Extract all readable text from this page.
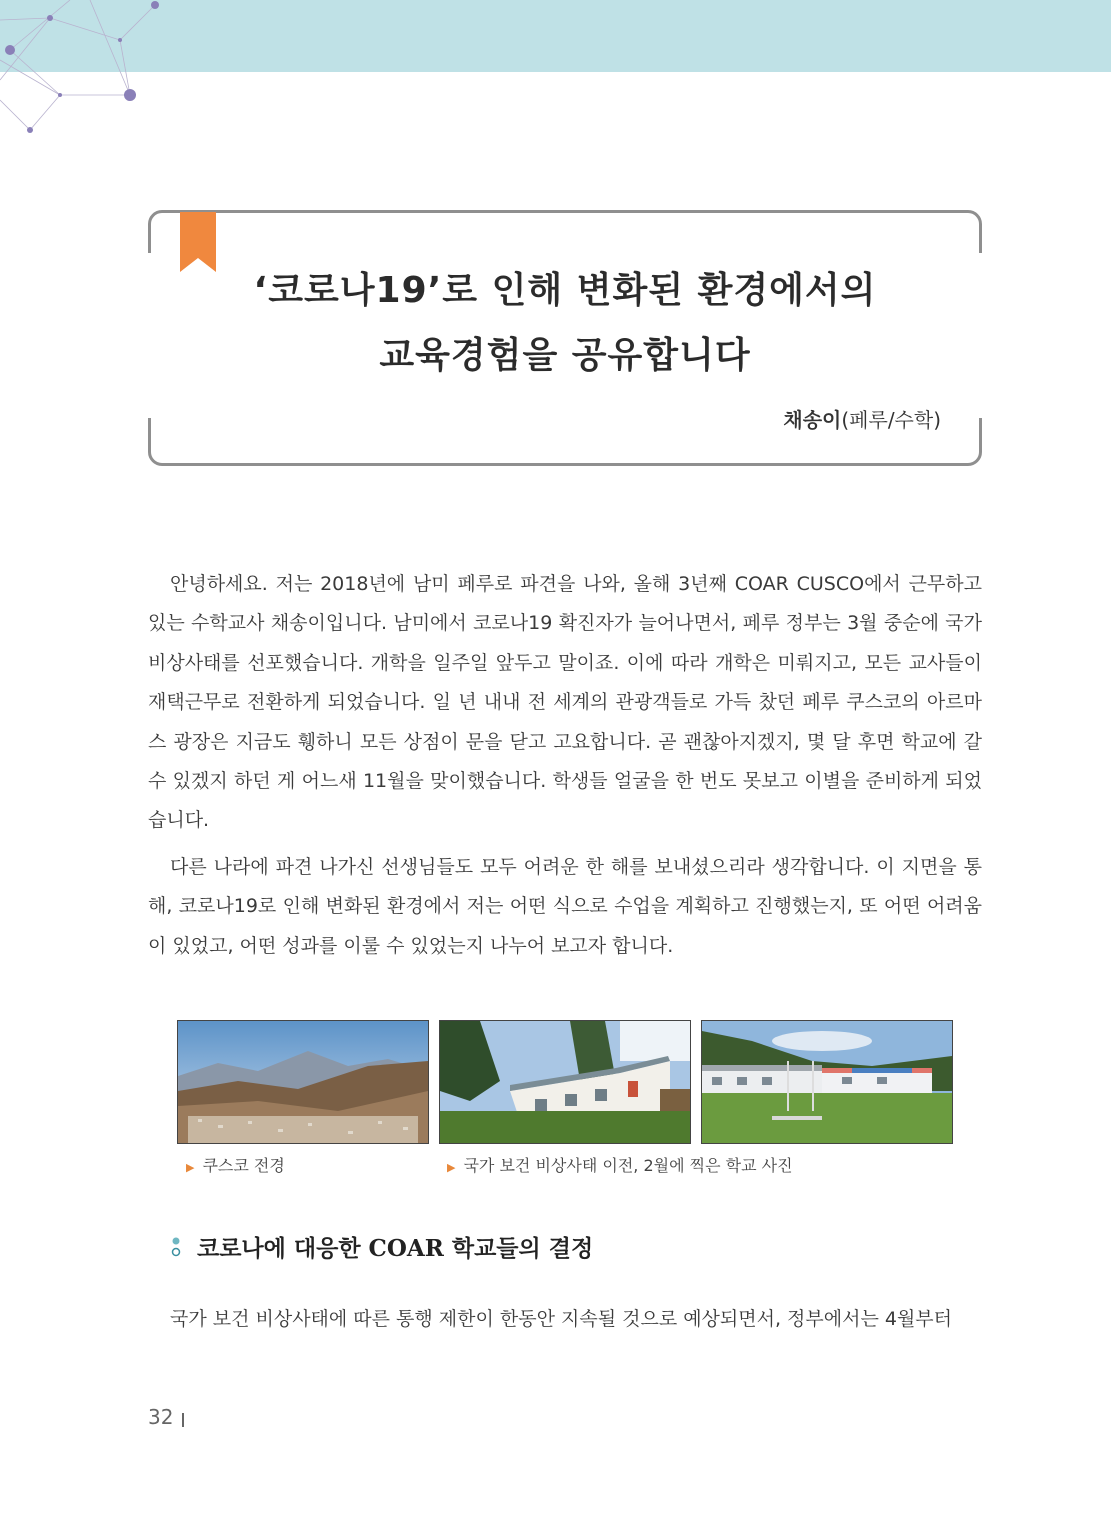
‘코로나19’로 인해 변화된 환경에서의
교육경험을 공유합니다
채송이(페루/수학)
안녕하세요. 저는 2018년에 남미 페루로 파견을 나와, 올해 3년째 COAR CUSCO에서 근무하고 있는 수학교사 채송이입니다. 남미에서 코로나19 확진자가 늘어나면서, 페루 정부는 3월 중순에 국가 비상사태를 선포했습니다. 개학을 일주일 앞두고 말이죠. 이에 따라 개학은 미뤄지고, 모든 교사들이 재택근무로 전환하게 되었습니다. 일 년 내내 전 세계의 관광객들로 가득 찼던 페루 쿠스코의 아르마스 광장은 지금도 휑하니 모든 상점이 문을 닫고 고요합니다. 곧 괜찮아지겠지, 몇 달 후면 학교에 갈 수 있겠지 하던 게 어느새 11월을 맞이했습니다. 학생들 얼굴을 한 번도 못보고 이별을 준비하게 되었습니다.
다른 나라에 파견 나가신 선생님들도 모두 어려운 한 해를 보내셨으리라 생각합니다. 이 지면을 통해, 코로나19로 인해 변화된 환경에서 저는 어떤 식으로 수업을 계획하고 진행했는지, 또 어떤 어려움이 있었고, 어떤 성과를 이룰 수 있었는지 나누어 보고자 합니다.
▶ 쿠스코 전경	▶ 국가 보건 비상사태 이전, 2월에 찍은 학교 사진
코로나에 대응한 COAR 학교들의 결정
국가 보건 비상사태에 따른 통행 제한이 한동안 지속될 것으로 예상되면서, 정부에서는 4월부터
32
